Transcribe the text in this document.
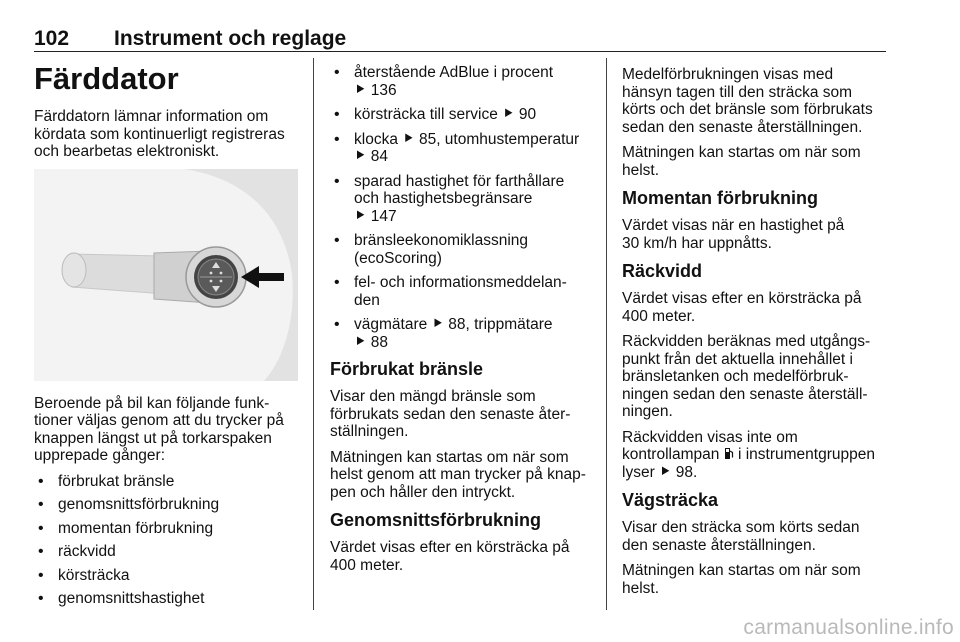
102 Instrument och reglage
Färddator

Färddatorn lämnar information om
kördata som kontinuerligt registreras
och bearbetas elektroniskt.

Beroende på bil kan följande funk-
tioner väljas genom att du trycker på
knappen längst ut på torkarspaken
upprepade gånger:

• förbrukat bränsle
• genomsnittsförbrukning
• momentan förbrukning
• räckvidd
• körsträcka
• genomsnittshastighet
• återstående AdBlue i procent
⯈ 136
• körsträcka till service ⯈ 90
• klocka ⯈ 85, utomhustemperatur
⯈ 84
• sparad hastighet för farthållare
och hastighetsbegränsare
⯈ 147
• bränsleekonomiklassning
(ecoScoring)
• fel- och informationsmeddelan-
den
• vägmätare ⯈ 88, trippmätare
⯈ 88
Förbrukat bränsle

Visar den mängd bränsle som
förbrukats sedan den senaste åter-
ställningen.

Mätningen kan startas om när som
helst genom att man trycker på knap-
pen och håller den intryckt.

Genomsnittsförbrukning

Värdet visas efter en körsträcka på
400 meter.

Medelförbrukningen visas med
hänsyn tagen till den sträcka som
körts och det bränsle som förbrukats
sedan den senaste återställningen.

Mätningen kan startas om när som
helst.

Momentan förbrukning

Värdet visas när en hastighet på
30 km/h har uppnåtts.

Räckvidd

Värdet visas efter en körsträcka på
400 meter.

Räckvidden beräknas med utgångs-
punkt från det aktuella innehållet i
bränsletanken och medelförbruk-
ningen sedan den senaste återställ-
ningen.

Räckvidden visas inte om
kontrollampan  i instrumentgruppen
lyser ⯈ 98.

Vägsträcka

Visar den sträcka som körts sedan
den senaste återställningen.

Mätningen kan startas om när som
helst.

carmanualsonline.info
